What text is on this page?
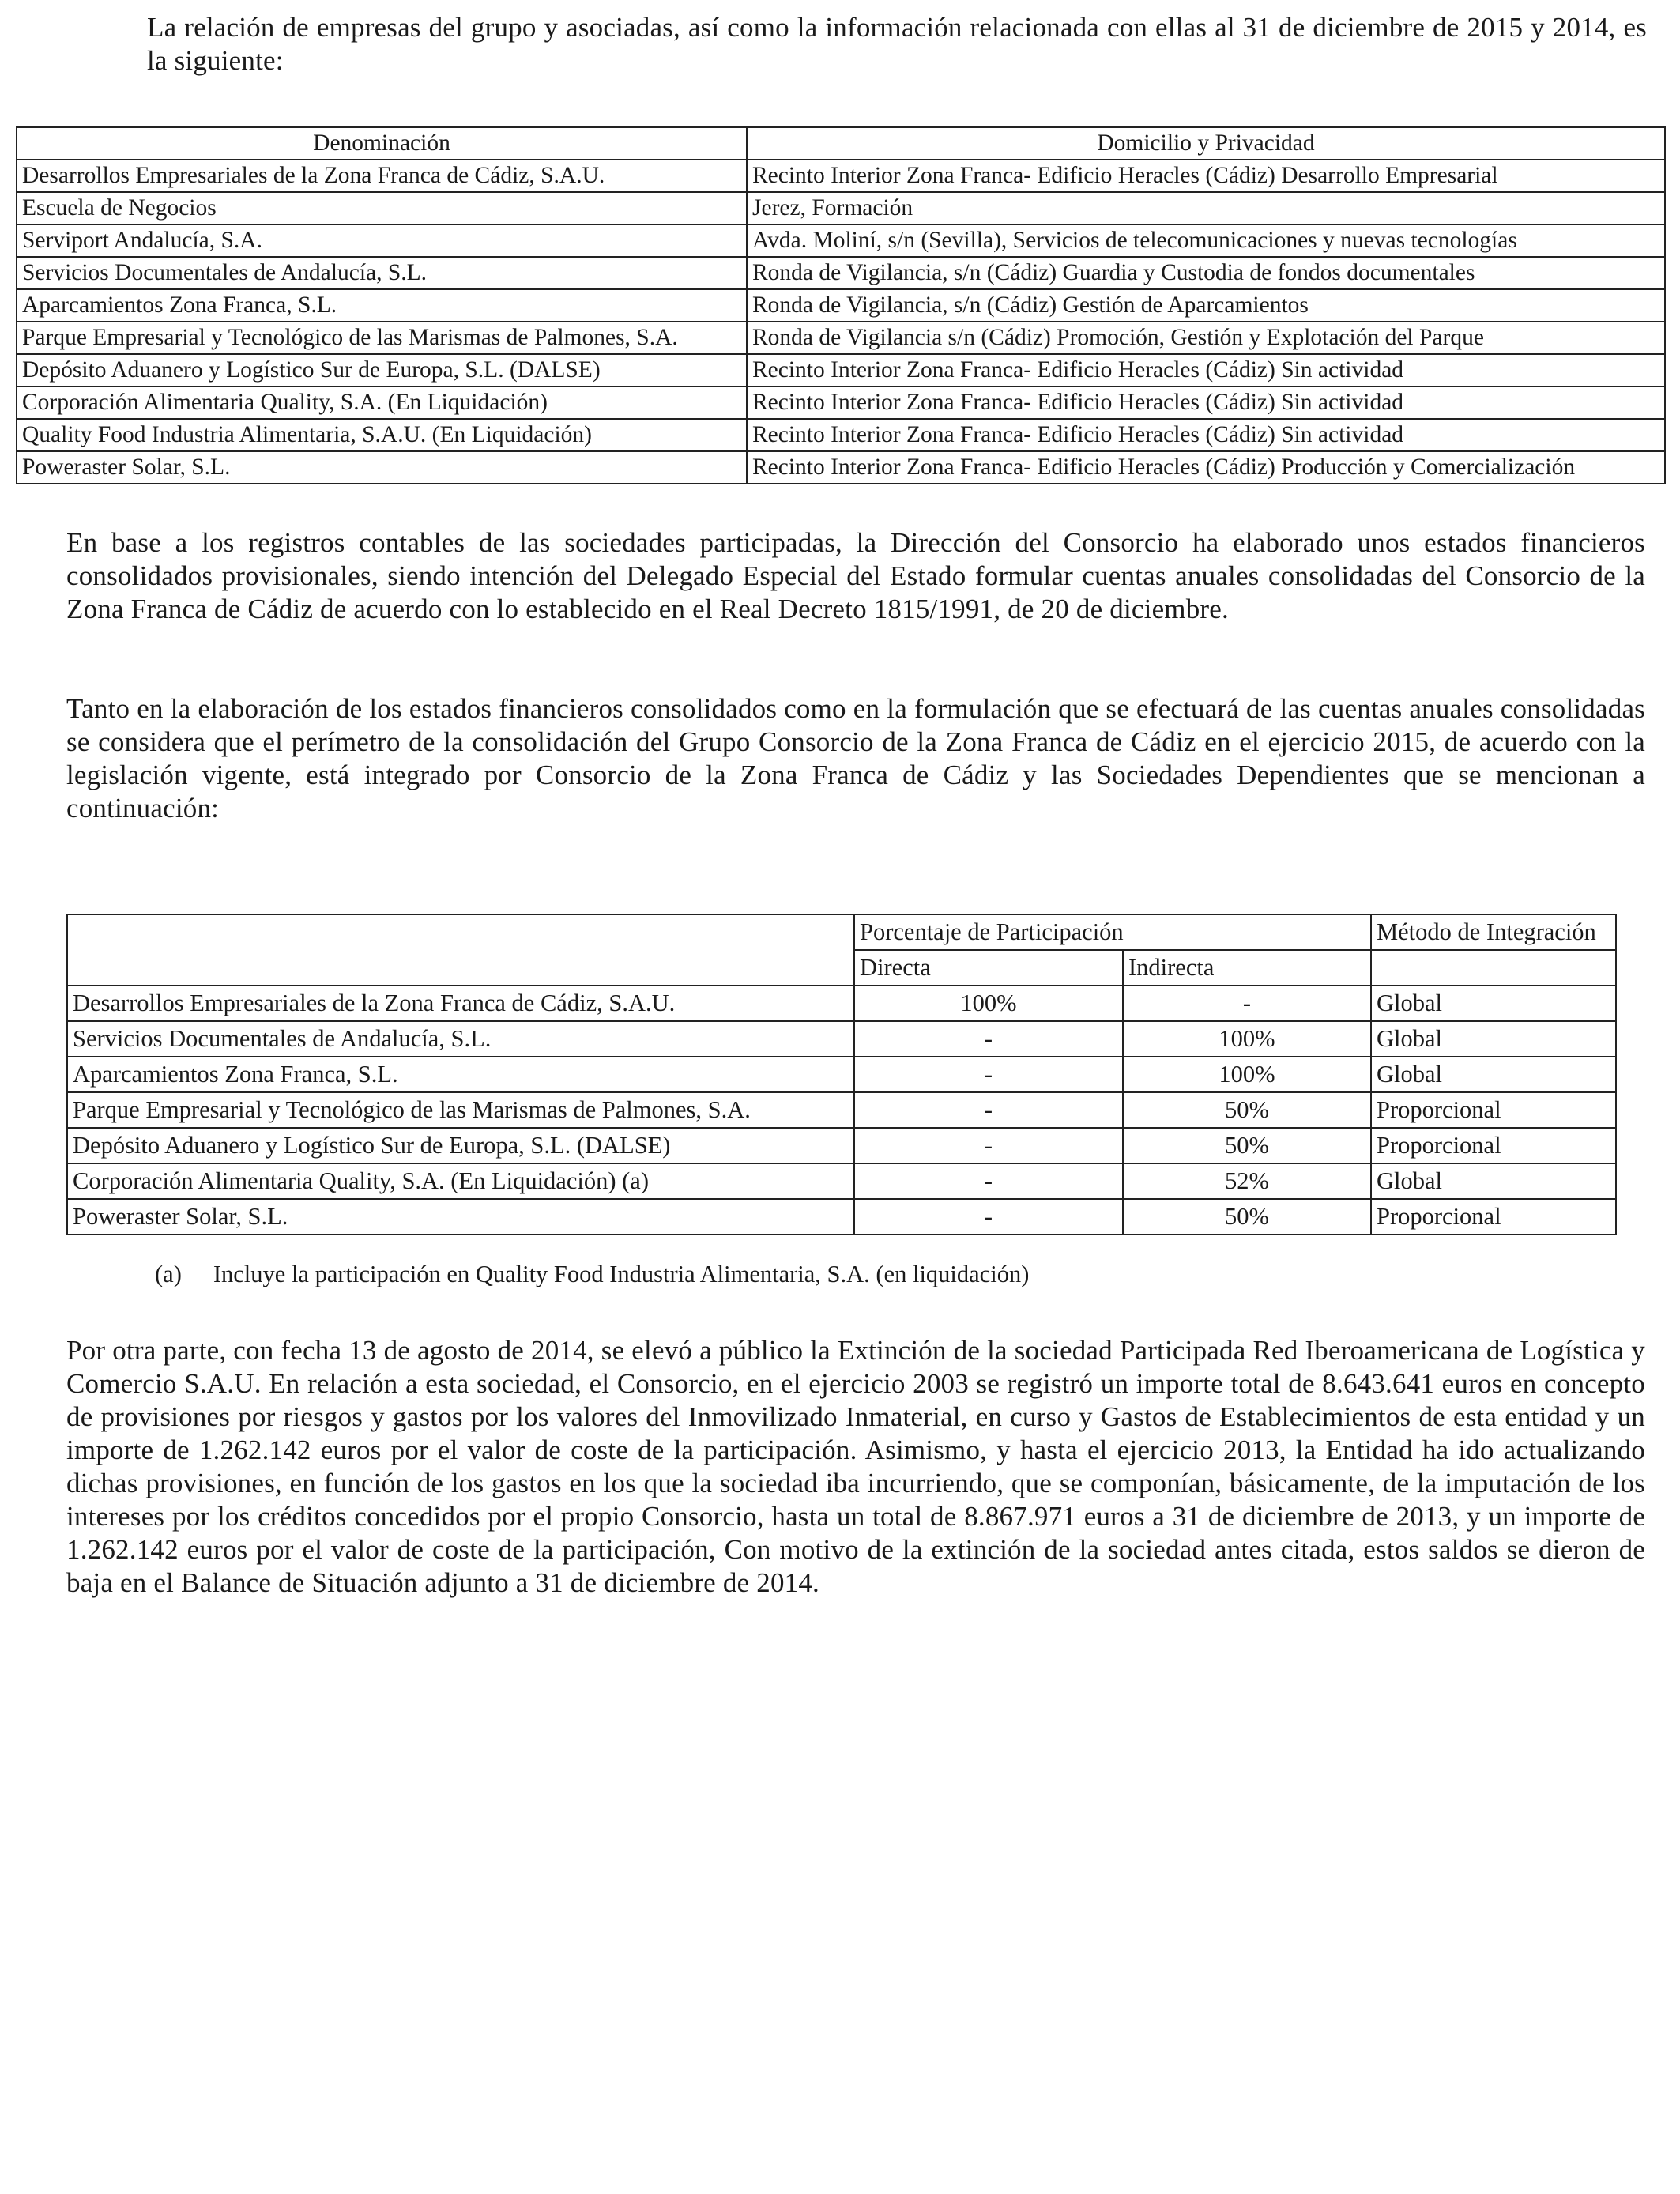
La relación de empresas del grupo y asociadas, así como la información relacionada con ellas al 31 de diciembre de 2015 y 2014, es la siguiente:

Denominación	Domicilio y Privacidad
Desarrollos Empresariales de la Zona Franca de Cádiz, S.A.U.	Recinto Interior Zona Franca- Edificio Heracles (Cádiz) Desarrollo Empresarial
Escuela de Negocios	Jerez, Formación
Serviport Andalucía, S.A.	Avda. Moliní, s/n (Sevilla), Servicios de telecomunicaciones y nuevas tecnologías
Servicios Documentales de Andalucía, S.L.	Ronda de Vigilancia, s/n (Cádiz) Guardia y Custodia de fondos documentales
Aparcamientos Zona Franca, S.L.	Ronda de Vigilancia, s/n (Cádiz) Gestión de Aparcamientos
Parque Empresarial y Tecnológico de las Marismas de Palmones, S.A.	Ronda de Vigilancia s/n (Cádiz) Promoción, Gestión y Explotación del Parque
Depósito Aduanero y Logístico Sur de Europa, S.L. (DALSE)	Recinto Interior Zona Franca- Edificio Heracles (Cádiz) Sin actividad
Corporación Alimentaria Quality, S.A. (En Liquidación)	Recinto Interior Zona Franca- Edificio Heracles (Cádiz) Sin actividad
Quality Food Industria Alimentaria, S.A.U. (En Liquidación)	Recinto Interior Zona Franca- Edificio Heracles (Cádiz) Sin actividad
Poweraster Solar, S.L.	Recinto Interior Zona Franca- Edificio Heracles (Cádiz) Producción y Comercialización

En base a los registros contables de las sociedades participadas, la Dirección del Consorcio ha elaborado unos estados financieros consolidados provisionales, siendo intención del Delegado Especial del Estado formular cuentas anuales consolidadas del Consorcio de la Zona Franca de Cádiz de acuerdo con lo establecido en el Real Decreto 1815/1991, de 20 de diciembre.

Tanto en la elaboración de los estados financieros consolidados como en la formulación que se efectuará de las cuentas anuales consolidadas se considera que el perímetro de la consolidación del Grupo Consorcio de la Zona Franca de Cádiz en el ejercicio 2015, de acuerdo con la legislación vigente, está integrado por Consorcio de la Zona Franca de Cádiz y las Sociedades Dependientes que se mencionan a continuación:

	Porcentaje de Participación		Método de Integración
	Directa	Indirecta	
Desarrollos Empresariales de la Zona Franca de Cádiz, S.A.U.	100%	-	Global
Servicios Documentales de Andalucía, S.L.	-	100%	Global
Aparcamientos Zona Franca, S.L.	-	100%	Global
Parque Empresarial y Tecnológico de las Marismas de Palmones, S.A.	-	50%	Proporcional
Depósito Aduanero y Logístico Sur de Europa, S.L. (DALSE)	-	50%	Proporcional
Corporación Alimentaria Quality, S.A. (En Liquidación) (a)	-	52%	Global
Poweraster Solar, S.L.	-	50%	Proporcional

(a) Incluye la participación en Quality Food Industria Alimentaria, S.A. (en liquidación)

Por otra parte, con fecha 13 de agosto de 2014, se elevó a público la Extinción de la sociedad Participada Red Iberoamericana de Logística y Comercio S.A.U. En relación a esta sociedad, el Consorcio, en el ejercicio 2003 se registró un importe total de 8.643.641 euros en concepto de provisiones por riesgos y gastos por los valores del Inmovilizado Inmaterial, en curso y Gastos de Establecimientos de esta entidad y un importe de 1.262.142 euros por el valor de coste de la participación. Asimismo, y hasta el ejercicio 2013, la Entidad ha ido actualizando dichas provisiones, en función de los gastos en los que la sociedad iba incurriendo, que se componían, básicamente, de la imputación de los intereses por los créditos concedidos por el propio Consorcio, hasta un total de 8.867.971 euros a 31 de diciembre de 2013, y un importe de 1.262.142 euros por el valor de coste de la participación, Con motivo de la extinción de la sociedad antes citada, estos saldos se dieron de baja en el Balance de Situación adjunto a 31 de diciembre de 2014.
